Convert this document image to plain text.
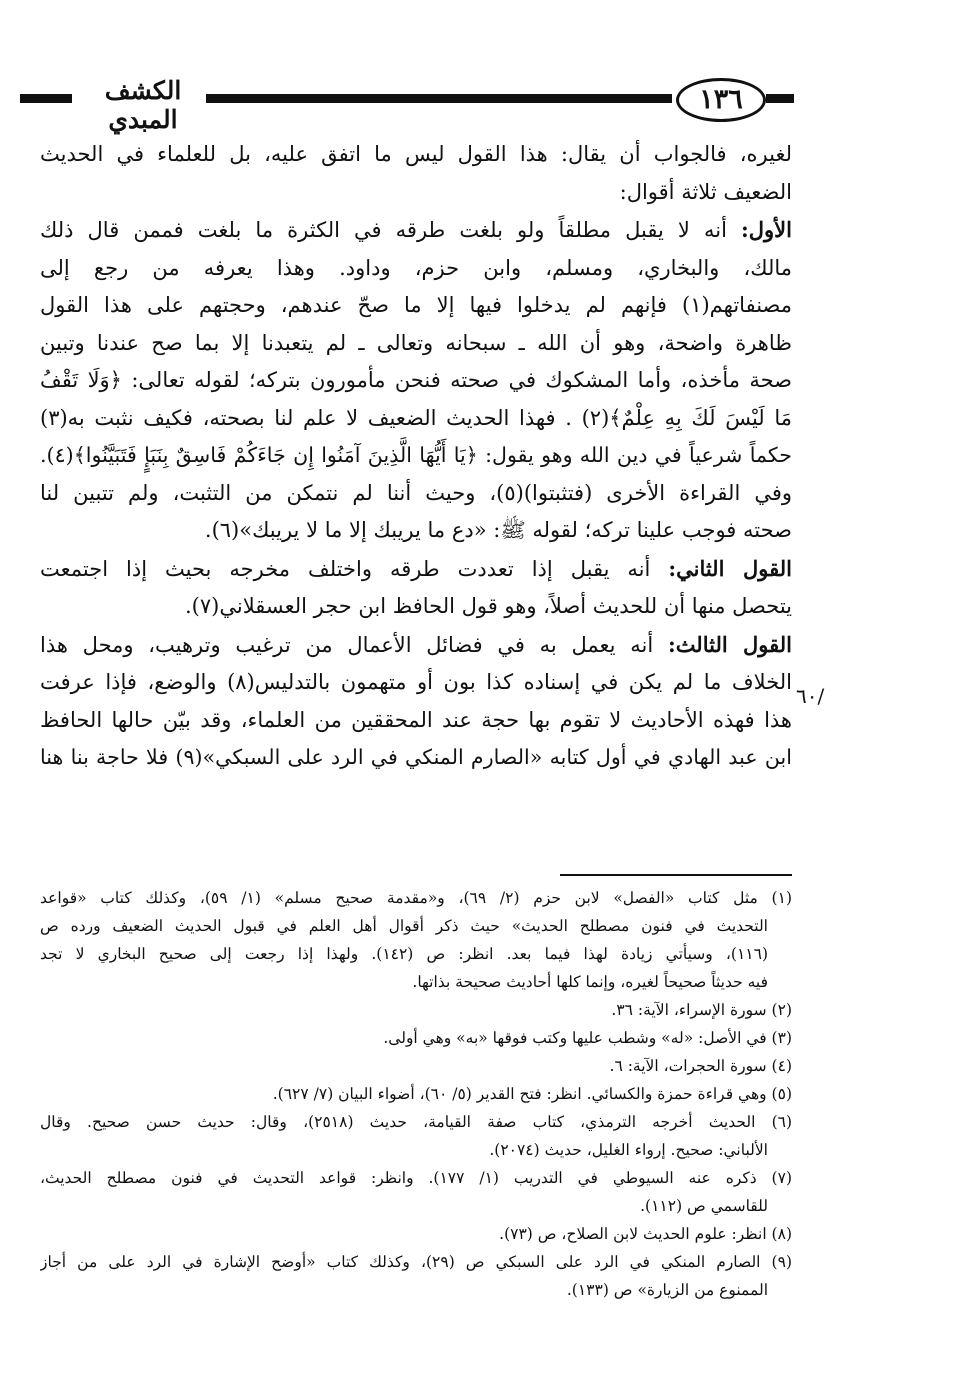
الكشف المبدي
١٣٦

لغيره، فالجواب أن يقال: هذا القول ليس ما اتفق عليه، بل للعلماء في الحديث
الضعيف ثلاثة أقوال:

الأول: أنه لا يقبل مطلقاً ولو بلغت طرقه في الكثرة ما بلغت فممن قال ذلك
مالك، والبخاري، ومسلم، وابن حزم، وداود. وهذا يعرفه من رجع إلى
مصنفاتهم(١) فإنهم لم يدخلوا فيها إلا ما صحّ عندهم، وحجتهم على هذا القول
ظاهرة واضحة، وهو أن الله ـ سبحانه وتعالى ـ لم يتعبدنا إلا بما صح عندنا وتبين
صحة مأخذه، وأما المشكوك في صحته فنحن مأمورون بتركه؛ لقوله تعالى: ﴿وَلَا تَقْفُ
مَا لَيْسَ لَكَ بِهِ عِلْمٌ﴾(٢) . فهذا الحديث الضعيف لا علم لنا بصحته، فكيف نثبت به(٣)
حكماً شرعياً في دين الله وهو يقول: ﴿يَا أَيُّهَا الَّذِينَ آمَنُوا إِن جَاءَكُمْ فَاسِقٌ بِنَبَإٍ فَتَبَيَّنُوا﴾(٤).
وفي القراءة الأخرى (فتثبتوا)(٥)، وحيث أننا لم نتمكن من التثبت، ولم تتبين لنا
صحته فوجب علينا تركه؛ لقوله ﷺ: «دع ما يريبك إلا ما لا يريبك»(٦).

القول الثاني: أنه يقبل إذا تعددت طرقه واختلف مخرجه بحيث إذا اجتمعت
يتحصل منها أن للحديث أصلاً، وهو قول الحافظ ابن حجر العسقلاني(٧).

القول الثالث: أنه يعمل به في فضائل الأعمال من ترغيب وترهيب، ومحل هذا
الخلاف ما لم يكن في إسناده كذا بون أو متهمون بالتدليس(٨) والوضع، فإذا عرفت
هذا فهذه الأحاديث لا تقوم بها حجة عند المحققين من العلماء، وقد بيّن حالها الحافظ
ابن عبد الهادي في أول كتابه «الصارم المنكي في الرد على السبكي»(٩) فلا حاجة بنا هنا

٦٠/
(١) مثل كتاب «الفصل» لابن حزم (٢/ ٦٩)، و«مقدمة صحيح مسلم» (١/ ٥٩)، وكذلك كتاب «قواعد
التحديث في فنون مصطلح الحديث» حيث ذكر أقوال أهل العلم في قبول الحديث الضعيف ورده ص
(١١٦)، وسيأتي زيادة لهذا فيما بعد. انظر: ص (١٤٢). ولهذا إذا رجعت إلى صحيح البخاري لا تجد
فيه حديثاً صحيحاً لغيره، وإنما كلها أحاديث صحيحة بذاتها.
(٢) سورة الإسراء، الآية: ٣٦.
(٣) في الأصل: «له» وشطب عليها وكتب فوقها «به» وهي أولى.
(٤) سورة الحجرات، الآية: ٦.
(٥) وهي قراءة حمزة والكسائي. انظر: فتح القدير (٥/ ٦٠)، أضواء البيان (٧/ ٦٢٧).
(٦) الحديث أخرجه الترمذي، كتاب صفة القيامة، حديث (٢٥١٨)، وقال: حديث حسن صحيح. وقال
الألباني: صحيح. إرواء الغليل، حديث (٢٠٧٤).
(٧) ذكره عنه السيوطي في التدريب (١/ ١٧٧). وانظر: قواعد التحديث في فنون مصطلح الحديث،
للقاسمي ص (١١٢).
(٨) انظر: علوم الحديث لابن الصلاح، ص (٧٣).
(٩) الصارم المنكي في الرد على السبكي ص (٢٩)، وكذلك كتاب «أوضح الإشارة في الرد على من أجاز
الممنوع من الزيارة» ص (١٣٣).
